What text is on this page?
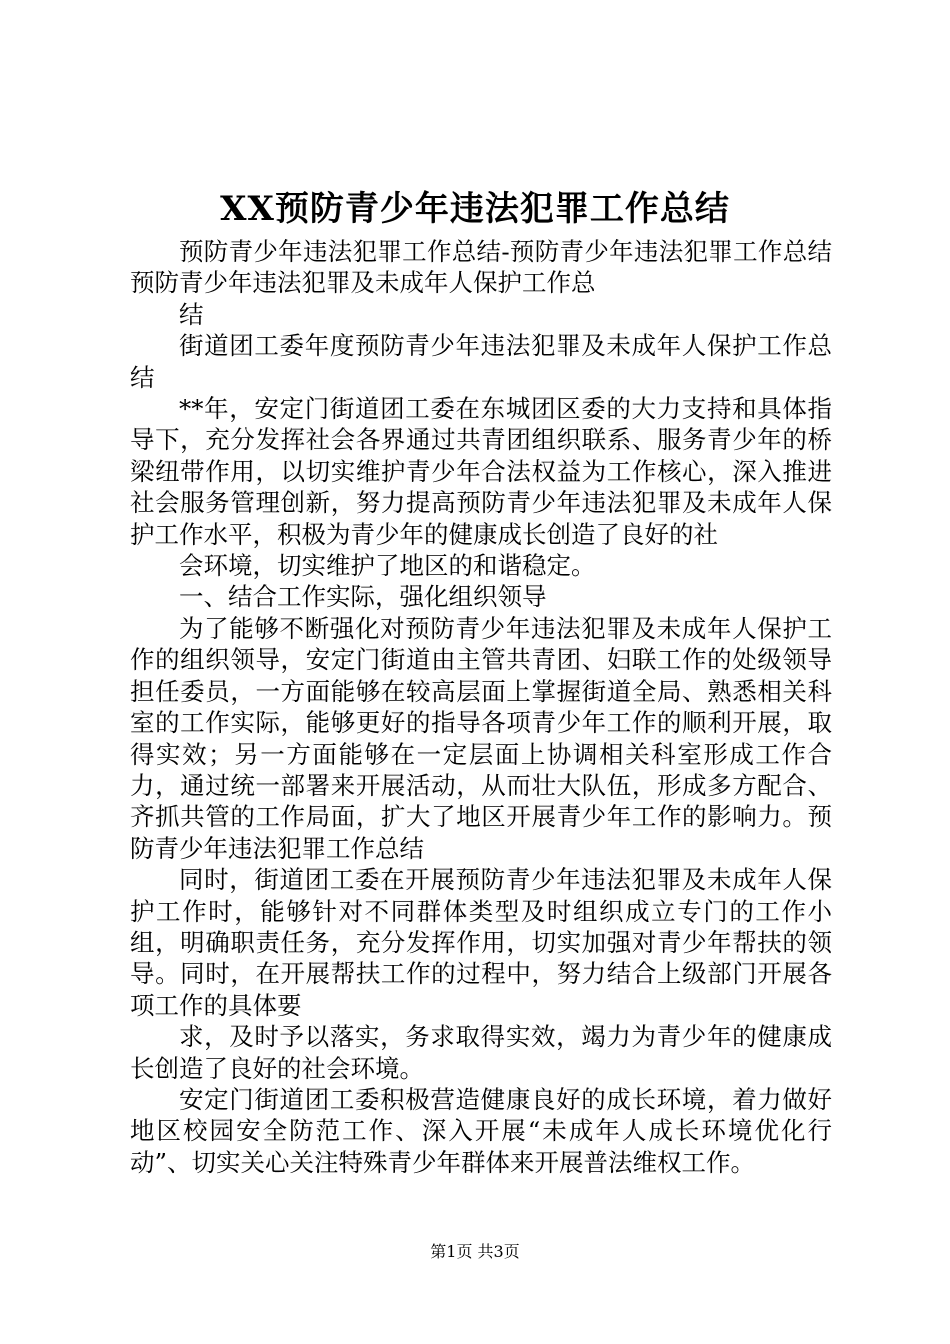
XX预防青少年违法犯罪工作总结

预防青少年违法犯罪工作总结-预防青少年违法犯罪工作总结预防青少年违法犯罪及未成年人保护工作总

结

街道团工委年度预防青少年违法犯罪及未成年人保护工作总结

**年，安定门街道团工委在东城团区委的大力支持和具体指导下，充分发挥社会各界通过共青团组织联系、服务青少年的桥梁纽带作用，以切实维护青少年合法权益为工作核心，深入推进社会服务管理创新，努力提高预防青少年违法犯罪及未成年人保护工作水平，积极为青少年的健康成长创造了良好的社

会环境，切实维护了地区的和谐稳定。

一、结合工作实际，强化组织领导

为了能够不断强化对预防青少年违法犯罪及未成年人保护工作的组织领导，安定门街道由主管共青团、妇联工作的处级领导担任委员，一方面能够在较高层面上掌握街道全局、熟悉相关科室的工作实际，能够更好的指导各项青少年工作的顺利开展，取得实效；另一方面能够在一定层面上协调相关科室形成工作合力，通过统一部署来开展活动，从而壮大队伍，形成多方配合、齐抓共管的工作局面，扩大了地区开展青少年工作的影响力。预防青少年违法犯罪工作总结

同时，街道团工委在开展预防青少年违法犯罪及未成年人保护工作时，能够针对不同群体类型及时组织成立专门的工作小组，明确职责任务，充分发挥作用，切实加强对青少年帮扶的领导。同时，在开展帮扶工作的过程中，努力结合上级部门开展各项工作的具体要

求，及时予以落实，务求取得实效，竭力为青少年的健康成长创造了良好的社会环境。

安定门街道团工委积极营造健康良好的成长环境，着力做好地区校园安全防范工作、深入开展“未成年人成长环境优化行动”、切实关心关注特殊青少年群体来开展普法维权工作。

第1页 共3页
